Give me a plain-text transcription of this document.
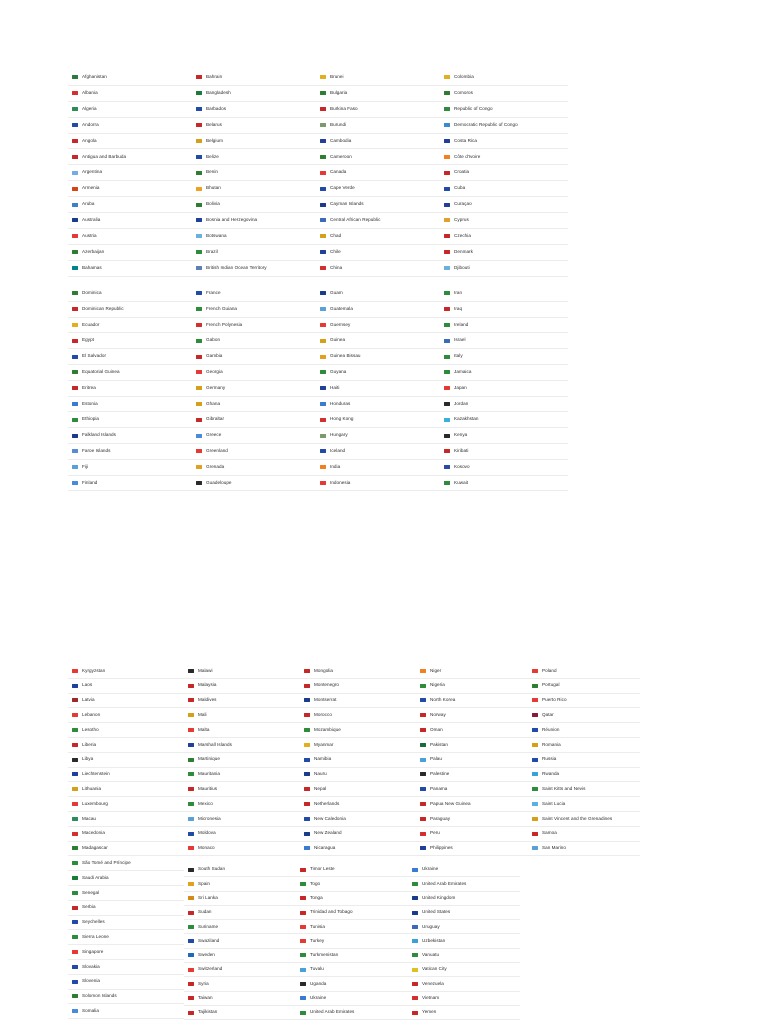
Afghanistan
Albania
Algeria
Andorra
Angola
Antigua and Barbuda
Argentina
Armenia
Aruba
Australia
Austria
Azerbaijan
Bahamas
Bahrain
Bangladesh
Barbados
Belarus
Belgium
Belize
Benin
Bhutan
Bolivia
Bosnia and Herzegovina
Botswana
Brazil
British Indian Ocean Territory
Brunei
Bulgaria
Burkina Faso
Burundi
Cambodia
Cameroon
Canada
Cape Verde
Cayman Islands
Central African Republic
Chad
Chile
China
Colombia
Comoros
Republic of Congo
Democratic Republic of Congo
Costa Rica
Côte d'Ivoire
Croatia
Cuba
Curaçao
Cyprus
Czechia
Denmark
Djibouti
Dominica
Dominican Republic
Ecuador
Egypt
El Salvador
Equatorial Guinea
Eritrea
Estonia
Ethiopia
Falkland Islands
Faroe Islands
Fiji
Finland
France
French Guiana
French Polynesia
Gabon
Gambia
Georgia
Germany
Ghana
Gibraltar
Greece
Greenland
Grenada
Guadeloupe
Guam
Guatemala
Guernsey
Guinea
Guinea Bissau
Guyana
Haiti
Honduras
Hong Kong
Hungary
Iceland
India
Indonesia
Iran
Iraq
Ireland
Israel
Italy
Jamaica
Japan
Jordan
Kazakhstan
Kenya
Kiribati
Kosovo
Kuwait
Kyrgyzstan
Laos
Latvia
Lebanon
Lesotho
Liberia
Libya
Liechtenstein
Lithuania
Luxembourg
Macau
Macedonia
Madagascar
São Tomé and Príncipe
Saudi Arabia
Senegal
Serbia
Seychelles
Sierra Leone
Singapore
Slovakia
Slovenia
Solomon Islands
Somalia
Malawi
Malaysia
Maldives
Mali
Malta
Marshall Islands
Martinique
Mauritania
Mauritius
Mexico
Micronesia
Moldova
Monaco
Mongolia
Montenegro
Montserrat
Morocco
Mozambique
Myanmar
Namibia
Nauru
Nepal
Netherlands
New Caledonia
New Zealand
Nicaragua
Niger
Nigeria
North Korea
Norway
Oman
Pakistan
Palau
Palestine
Panama
Papua New Guinea
Paraguay
Peru
Philippines
Poland
Portugal
Puerto Rico
Qatar
Réunion
Romania
Russia
Rwanda
Saint Kitts and Nevis
Saint Lucia
Saint Vincent and the Grenadines
Samoa
San Marino
South Sudan
Spain
Sri Lanka
Sudan
Suriname
Swaziland
Sweden
Switzerland
Syria
Taiwan
Tajikistan
Timor Leste
Togo
Tonga
Trinidad and Tobago
Tunisia
Turkey
Turkmenistan
Tuvalu
Uganda
Ukraine
United Arab Emirates
Ukraine
United Arab Emirates
United Kingdom
United States
Uruguay
Uzbekistan
Vanuatu
Vatican City
Venezuela
Vietnam
Yemen
